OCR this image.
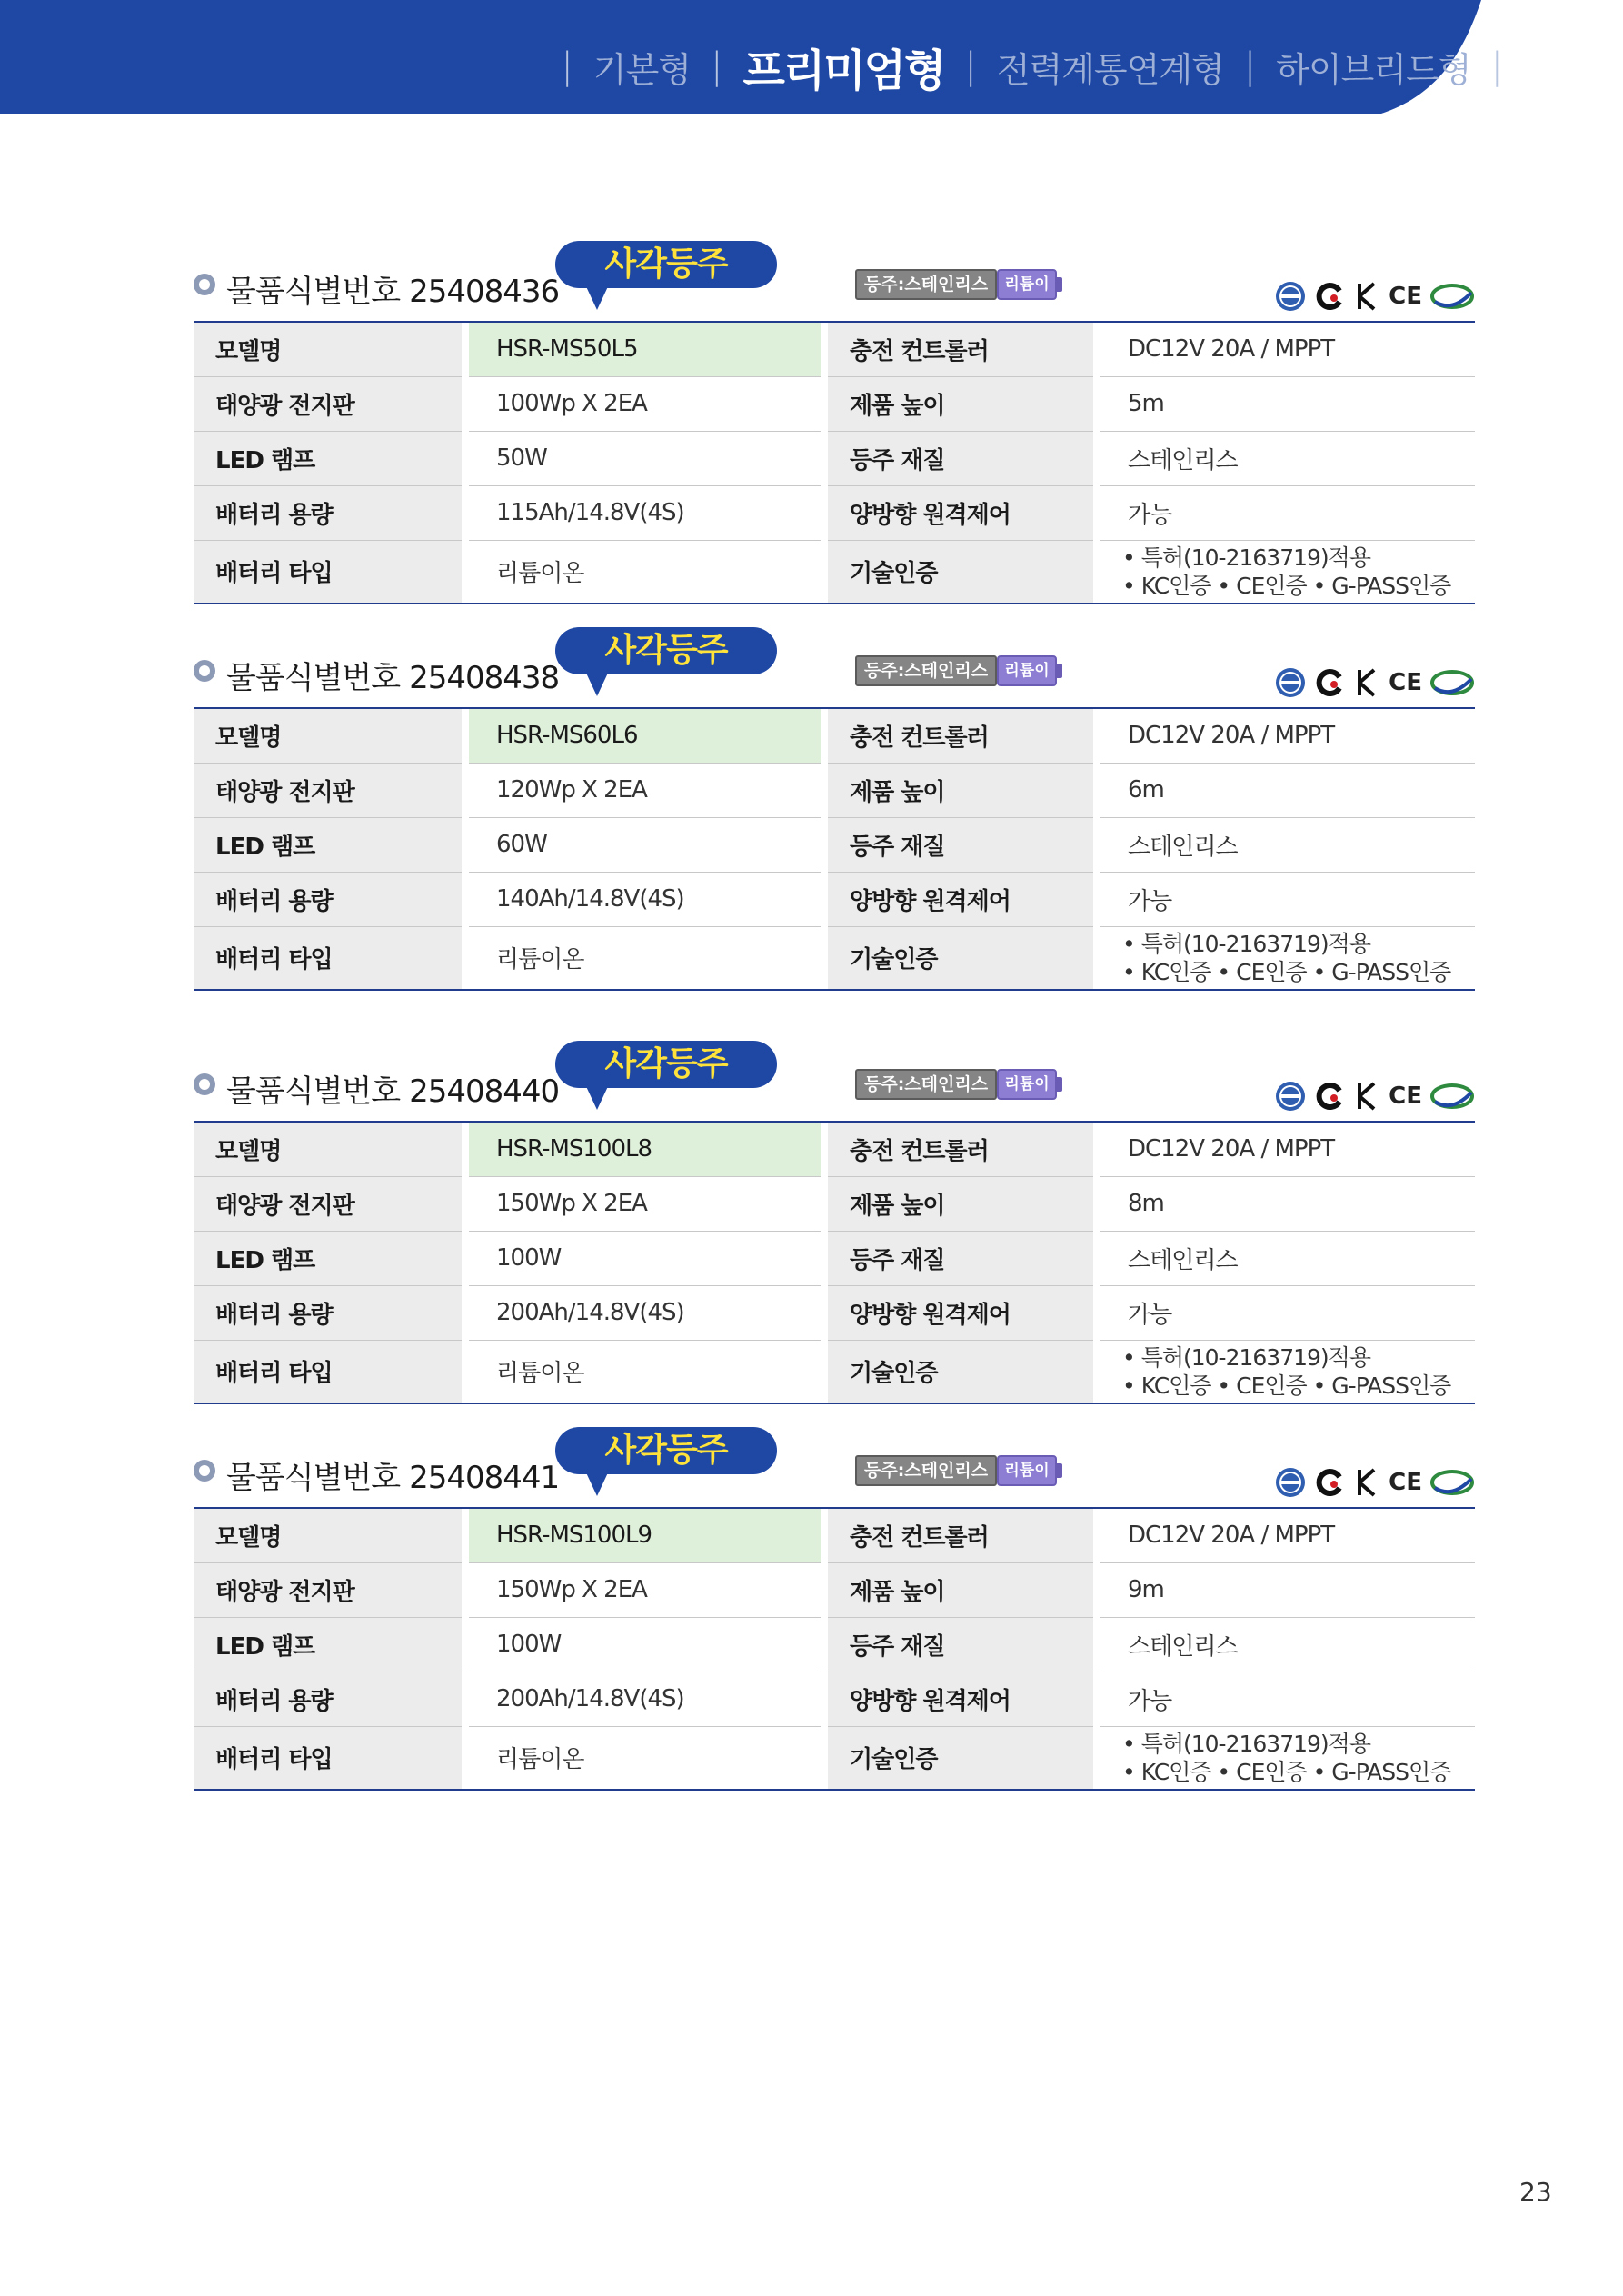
| 기본형 | 프리미엄형 | 전력계통연계형 | 하이브리드형 |
물품식별번호 25408436
사각등주
등주:스테인리스	리튬이온
CE
모델명		HSR-MS50L5		충전 컨트롤러		DC12V 20A / MPPT
태양광 전지판		100Wp X 2EA		제품 높이		5m
LED 램프		50W		등주 재질		스테인리스
배터리 용량		115Ah/14.8V(4S)		양방향 원격제어		가능
배터리 타입		리튬이온		기술인증		• 특허(10-2163719)적용
• KC인증 • CE인증 • G-PASS인증
물품식별번호 25408438
사각등주
등주:스테인리스	리튬이온
CE
모델명		HSR-MS60L6		충전 컨트롤러		DC12V 20A / MPPT
태양광 전지판		120Wp X 2EA		제품 높이		6m
LED 램프		60W		등주 재질		스테인리스
배터리 용량		140Ah/14.8V(4S)		양방향 원격제어		가능
배터리 타입		리튬이온		기술인증		• 특허(10-2163719)적용
• KC인증 • CE인증 • G-PASS인증
물품식별번호 25408440
사각등주
등주:스테인리스	리튬이온
CE
모델명		HSR-MS100L8		충전 컨트롤러		DC12V 20A / MPPT
태양광 전지판		150Wp X 2EA		제품 높이		8m
LED 램프		100W		등주 재질		스테인리스
배터리 용량		200Ah/14.8V(4S)		양방향 원격제어		가능
배터리 타입		리튬이온		기술인증		• 특허(10-2163719)적용
• KC인증 • CE인증 • G-PASS인증
물품식별번호 25408441
사각등주
등주:스테인리스	리튬이온
CE
모델명		HSR-MS100L9		충전 컨트롤러		DC12V 20A / MPPT
태양광 전지판		150Wp X 2EA		제품 높이		9m
LED 램프		100W		등주 재질		스테인리스
배터리 용량		200Ah/14.8V(4S)		양방향 원격제어		가능
배터리 타입		리튬이온		기술인증		• 특허(10-2163719)적용
• KC인증 • CE인증 • G-PASS인증
23
